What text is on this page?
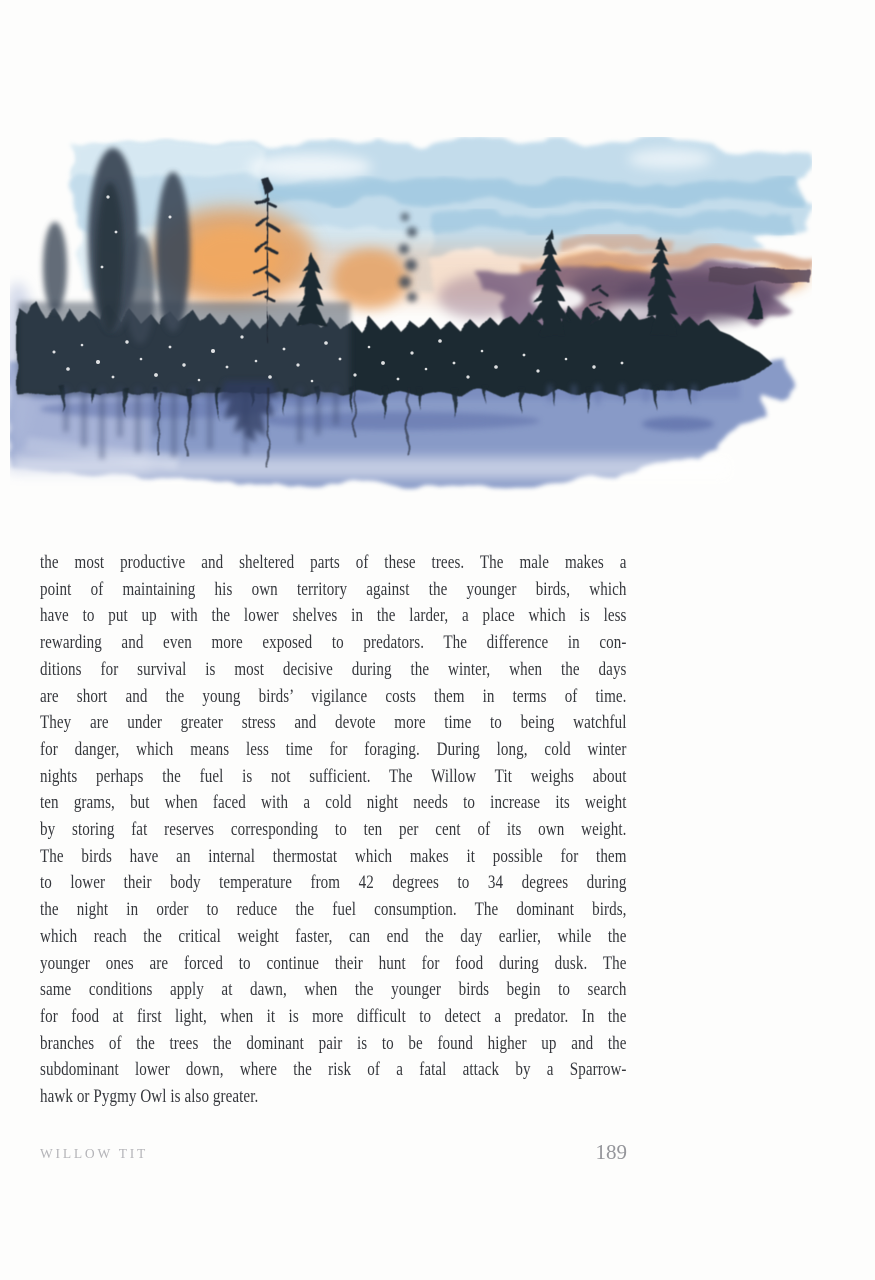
the most productive and sheltered parts of these trees. The male makes a
point of maintaining his own territory against the younger birds, which
have to put up with the lower shelves in the larder, a place which is less
rewarding and even more exposed to predators. The difference in con-
ditions for survival is most decisive during the winter, when the days
are short and the young birds’ vigilance costs them in terms of time.
They are under greater stress and devote more time to being watchful
for danger, which means less time for foraging. During long, cold winter
nights perhaps the fuel is not sufficient. The Willow Tit weighs about
ten grams, but when faced with a cold night needs to increase its weight
by storing fat reserves corresponding to ten per cent of its own weight.
The birds have an internal thermostat which makes it possible for them
to lower their body temperature from 42 degrees to 34 degrees during
the night in order to reduce the fuel consumption. The dominant birds,
which reach the critical weight faster, can end the day earlier, while the
younger ones are forced to continue their hunt for food during dusk. The
same conditions apply at dawn, when the younger birds begin to search
for food at first light, when it is more difficult to detect a predator. In the
branches of the trees the dominant pair is to be found higher up and the
subdominant lower down, where the risk of a fatal attack by a Sparrow-
hawk or Pygmy Owl is also greater.
WILLOW TIT	189
